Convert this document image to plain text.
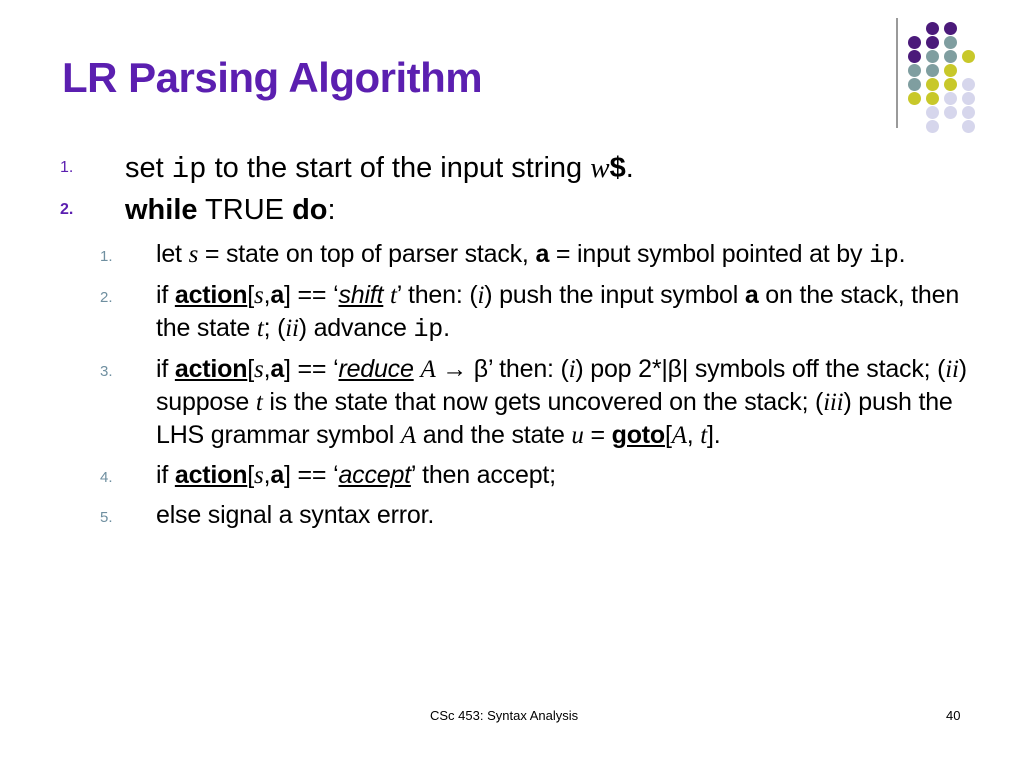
LR Parsing Algorithm
1. set ip to the start of the input string w$.
2. while TRUE do:
1. let s = state on top of parser stack, a = input symbol pointed at by ip.
2. if action[s,a] == ‘shift t’ then: (i) push the input symbol a on the stack, then the state t; (ii) advance ip.
3. if action[s,a] == ‘reduce A → β’ then: (i) pop 2*|β| symbols off the stack; (ii) suppose t is the state that now gets uncovered on the stack; (iii) push the LHS grammar symbol A and the state u = goto[A, t].
4. if action[s,a] == ‘accept’ then accept;
5. else signal a syntax error.
CSc 453: Syntax Analysis	40
